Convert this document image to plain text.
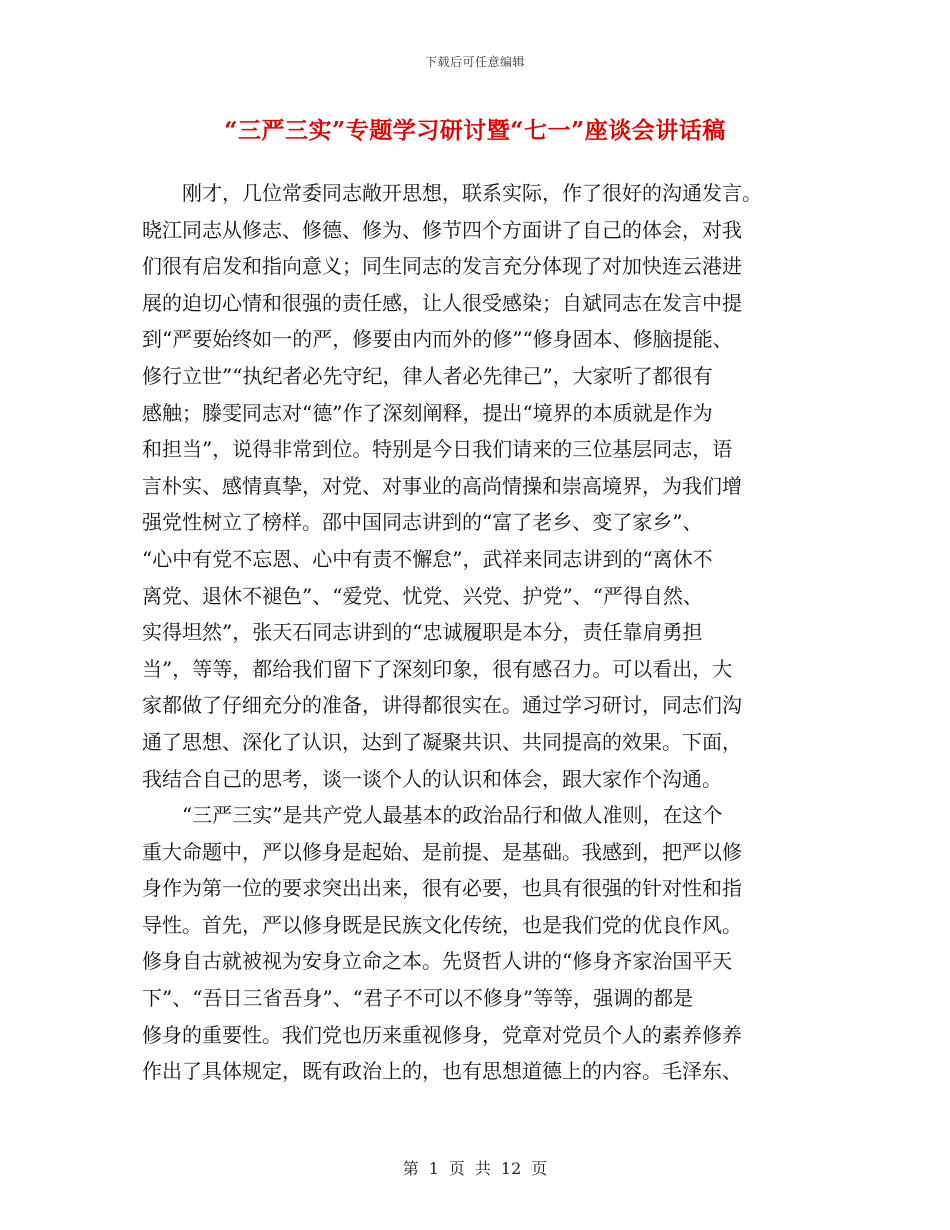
下载后可任意编辑
“三严三实”专题学习研讨暨“七一”座谈会讲话稿
　　刚才，几位常委同志敞开思想，联系实际，作了很好的沟通发言。
晓江同志从修志、修德、修为、修节四个方面讲了自己的体会，对我
们很有启发和指向意义；同生同志的发言充分体现了对加快连云港进
展的迫切心情和很强的责任感，让人很受感染；自斌同志在发言中提
到“严要始终如一的严，修要由内而外的修”“修身固本、修脑提能、
修行立世”“执纪者必先守纪，律人者必先律己”，大家听了都很有
感触；滕雯同志对“德”作了深刻阐释，提出“境界的本质就是作为
和担当”，说得非常到位。特别是今日我们请来的三位基层同志，语
言朴实、感情真挚，对党、对事业的高尚情操和崇高境界，为我们增
强党性树立了榜样。邵中国同志讲到的“富了老乡、变了家乡”、
“心中有党不忘恩、心中有责不懈怠”，武祥来同志讲到的“离休不
离党、退休不褪色”、“爱党、忧党、兴党、护党”、“严得自然、
实得坦然”，张天石同志讲到的“忠诚履职是本分，责任靠肩勇担
当”，等等，都给我们留下了深刻印象，很有感召力。可以看出，大
家都做了仔细充分的准备，讲得都很实在。通过学习研讨，同志们沟
通了思想、深化了认识，达到了凝聚共识、共同提高的效果。下面，
我结合自己的思考，谈一谈个人的认识和体会，跟大家作个沟通。
　　“三严三实”是共产党人最基本的政治品行和做人准则，在这个
重大命题中，严以修身是起始、是前提、是基础。我感到，把严以修
身作为第一位的要求突出出来，很有必要，也具有很强的针对性和指
导性。首先，严以修身既是民族文化传统，也是我们党的优良作风。
修身自古就被视为安身立命之本。先贤哲人讲的“修身齐家治国平天
下”、“吾日三省吾身”、“君子不可以不修身”等等，强调的都是
修身的重要性。我们党也历来重视修身，党章对党员个人的素养修养
作出了具体规定，既有政治上的，也有思想道德上的内容。毛泽东、
第 1 页 共 12 页
